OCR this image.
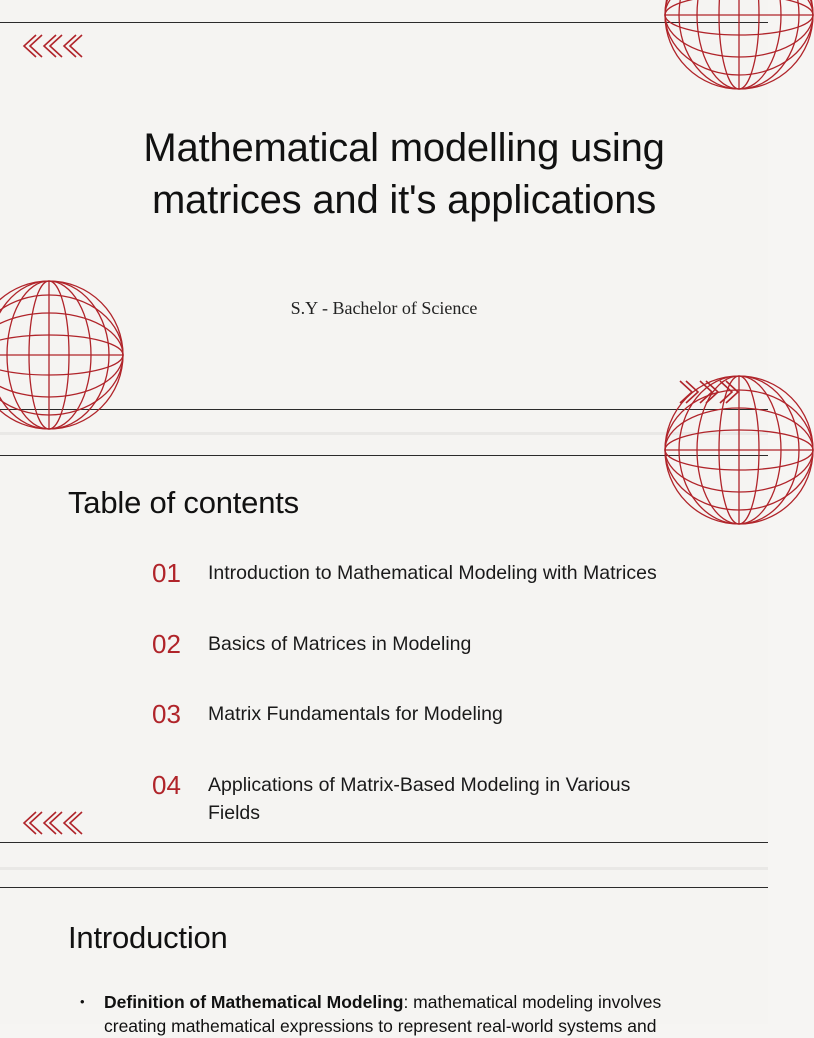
Mathematical modelling using matrices and it's applications

S.Y - Bachelor of Science

Table of contents
01 Introduction to Mathematical Modeling with Matrices
02 Basics of Matrices in Modeling
03 Matrix Fundamentals for Modeling
04 Applications of Matrix-Based Modeling in Various Fields
Introduction
• Definition of Mathematical Modeling: mathematical modeling involves creating mathematical expressions to represent real-world systems and
